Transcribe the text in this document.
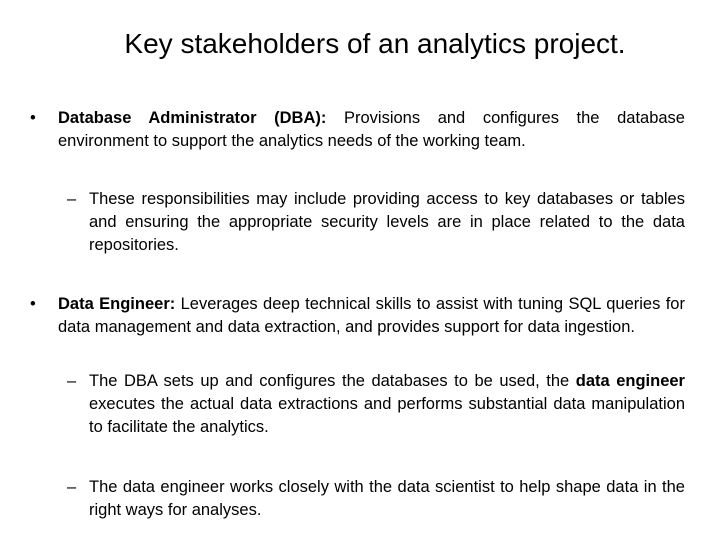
Key stakeholders of an analytics project.
•	Database Administrator (DBA): Provisions and configures the database environment to support the analytics needs of the working team.
– These responsibilities may include providing access to key databases or tables and ensuring the appropriate security levels are in place related to the data repositories.
•	Data Engineer: Leverages deep technical skills to assist with tuning SQL queries for data management and data extraction, and provides support for data ingestion.
– The DBA sets up and configures the databases to be used, the data engineer executes the actual data extractions and performs substantial data manipulation to facilitate the analytics.
– The data engineer works closely with the data scientist to help shape data in the right ways for analyses.
